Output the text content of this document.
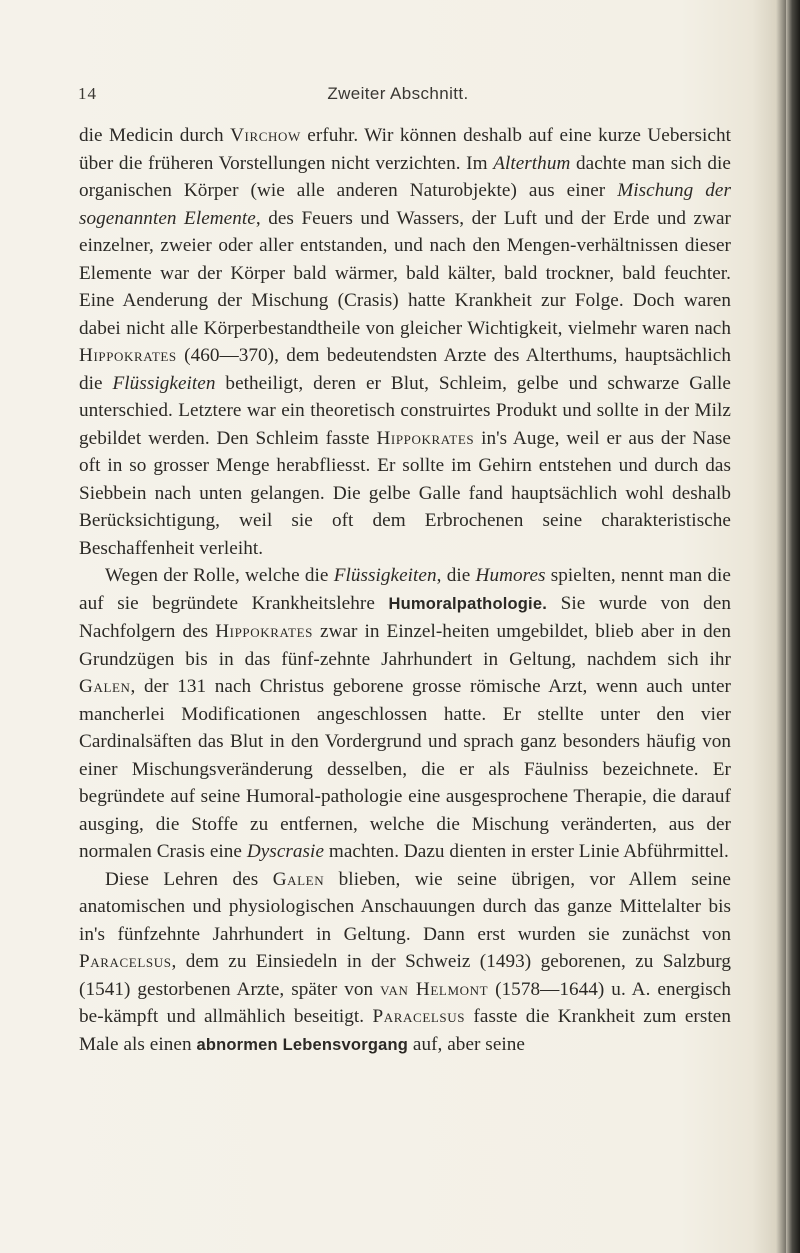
14	Zweiter Abschnitt.

die Medicin durch Virchow erfuhr. Wir können deshalb auf eine kurze Uebersicht über die früheren Vorstellungen nicht verzichten. Im Alterthum dachte man sich die organischen Körper (wie alle anderen Naturobjekte) aus einer Mischung der sogenannten Elemente, des Feuers und Wassers, der Luft und der Erde und zwar einzelner, zweier oder aller entstanden, und nach den Mengen-verhältnissen dieser Elemente war der Körper bald wärmer, bald kälter, bald trockner, bald feuchter. Eine Aenderung der Mischung (Crasis) hatte Krankheit zur Folge. Doch waren dabei nicht alle Körperbestandtheile von gleicher Wichtigkeit, vielmehr waren nach Hippokrates (460—370), dem bedeutendsten Arzte des Alterthums, hauptsächlich die Flüssigkeiten betheiligt, deren er Blut, Schleim, gelbe und schwarze Galle unterschied. Letztere war ein theoretisch construirtes Produkt und sollte in der Milz gebildet werden. Den Schleim fasste Hippokrates in's Auge, weil er aus der Nase oft in so grosser Menge herabfliesst. Er sollte im Gehirn entstehen und durch das Siebbein nach unten gelangen. Die gelbe Galle fand hauptsächlich wohl deshalb Berücksichtigung, weil sie oft dem Erbrochenen seine charakteristische Beschaffenheit verleiht.

Wegen der Rolle, welche die Flüssigkeiten, die Humores spielten, nennt man die auf sie begründete Krankheitslehre Humoralpathologie. Sie wurde von den Nachfolgern des Hippokrates zwar in Einzel-heiten umgebildet, blieb aber in den Grundzügen bis in das fünf-zehnte Jahrhundert in Geltung, nachdem sich ihr Galen, der 131 nach Christus geborene grosse römische Arzt, wenn auch unter mancherlei Modificationen angeschlossen hatte. Er stellte unter den vier Cardinalsäften das Blut in den Vordergrund und sprach ganz besonders häufig von einer Mischungsveränderung desselben, die er als Fäulniss bezeichnete. Er begründete auf seine Humoral-pathologie eine ausgesprochene Therapie, die darauf ausging, die Stoffe zu entfernen, welche die Mischung veränderten, aus der normalen Crasis eine Dyscrasie machten. Dazu dienten in erster Linie Abführmittel.

Diese Lehren des Galen blieben, wie seine übrigen, vor Allem seine anatomischen und physiologischen Anschauungen durch das ganze Mittelalter bis in's fünfzehnte Jahrhundert in Geltung. Dann erst wurden sie zunächst von Paracelsus, dem zu Einsiedeln in der Schweiz (1493) geborenen, zu Salzburg (1541) gestorbenen Arzte, später von van Helmont (1578—1644) u. A. energisch be-kämpft und allmählich beseitigt. Paracelsus fasste die Krankheit zum ersten Male als einen abnormen Lebensvorgang auf, aber seine
